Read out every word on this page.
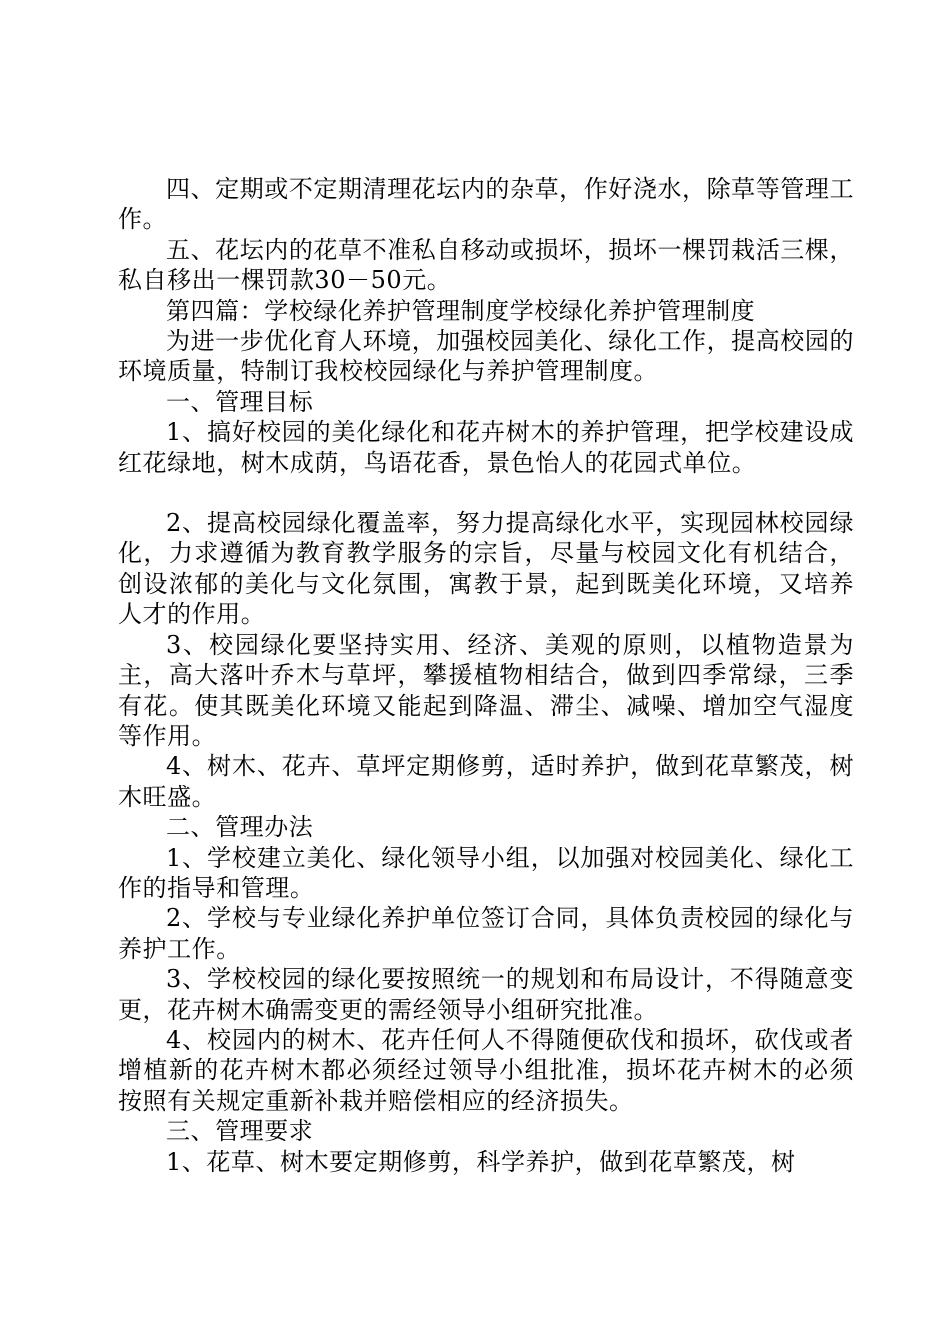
四、定期或不定期清理花坛内的杂草，作好浇水，除草等管理工作。

五、花坛内的花草不准私自移动或损坏，损坏一棵罚栽活三棵，私自移出一棵罚款30－50元。

第四篇：学校绿化养护管理制度学校绿化养护管理制度

为进一步优化育人环境，加强校园美化、绿化工作，提高校园的环境质量，特制订我校校园绿化与养护管理制度。

一、管理目标

1、搞好校园的美化绿化和花卉树木的养护管理，把学校建设成红花绿地，树木成荫，鸟语花香，景色怡人的花园式单位。

2、提高校园绿化覆盖率，努力提高绿化水平，实现园林校园绿化，力求遵循为教育教学服务的宗旨，尽量与校园文化有机结合，创设浓郁的美化与文化氛围，寓教于景，起到既美化环境，又培养人才的作用。

3、校园绿化要坚持实用、经济、美观的原则，以植物造景为主，高大落叶乔木与草坪，攀援植物相结合，做到四季常绿，三季有花。使其既美化环境又能起到降温、滞尘、减噪、增加空气湿度等作用。

4、树木、花卉、草坪定期修剪，适时养护，做到花草繁茂，树木旺盛。

二、管理办法

1、学校建立美化、绿化领导小组，以加强对校园美化、绿化工作的指导和管理。

2、学校与专业绿化养护单位签订合同，具体负责校园的绿化与养护工作。

3、学校校园的绿化要按照统一的规划和布局设计，不得随意变更，花卉树木确需变更的需经领导小组研究批准。

4、校园内的树木、花卉任何人不得随便砍伐和损坏，砍伐或者增植新的花卉树木都必须经过领导小组批准，损坏花卉树木的必须按照有关规定重新补栽并赔偿相应的经济损失。

三、管理要求

1、花草、树木要定期修剪，科学养护，做到花草繁茂，树
